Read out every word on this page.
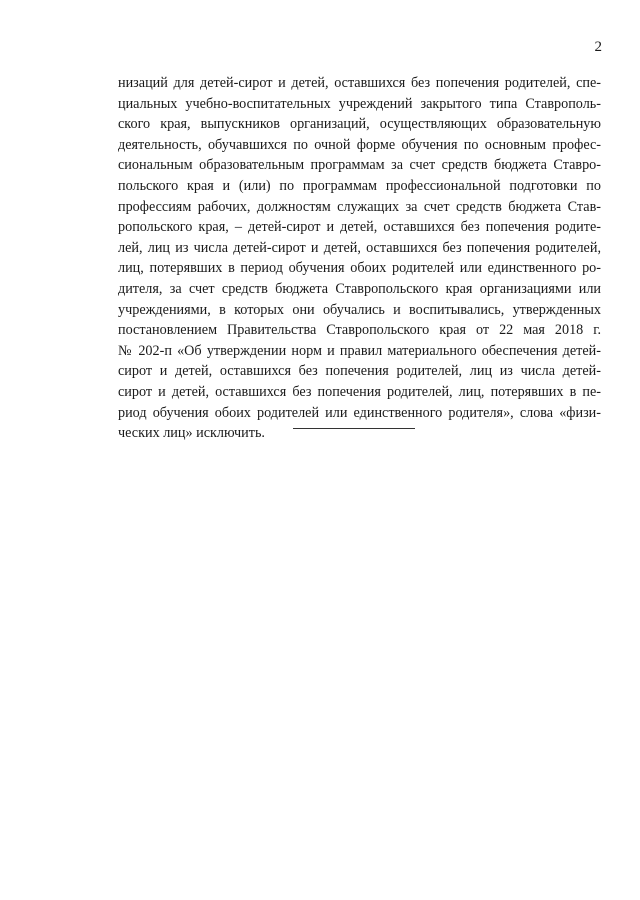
2

низаций для детей-сирот и детей, оставшихся без попечения родителей, спе-
циальных учебно-воспитательных учреждений закрытого типа Ставрополь-
ского края, выпускников организаций, осуществляющих образовательную
деятельность, обучавшихся по очной форме обучения по основным профес-
сиональным образовательным программам за счет средств бюджета Ставро-
польского края и (или) по программам профессиональной подготовки по
профессиям рабочих, должностям служащих за счет средств бюджета Став-
ропольского края, – детей-сирот и детей, оставшихся без попечения родите-
лей, лиц из числа детей-сирот и детей, оставшихся без попечения родителей,
лиц, потерявших в период обучения обоих родителей или единственного ро-
дителя, за счет средств бюджета Ставропольского края организациями или
учреждениями, в которых они обучались и воспитывались, утвержденных
постановлением Правительства Ставропольского края от 22 мая 2018 г.
№ 202-п «Об утверждении норм и правил материального обеспечения детей-
сирот и детей, оставшихся без попечения родителей, лиц из числа детей-
сирот и детей, оставшихся без попечения родителей, лиц, потерявших в пе-
риод обучения обоих родителей или единственного родителя», слова «физи-
ческих лиц» исключить.
